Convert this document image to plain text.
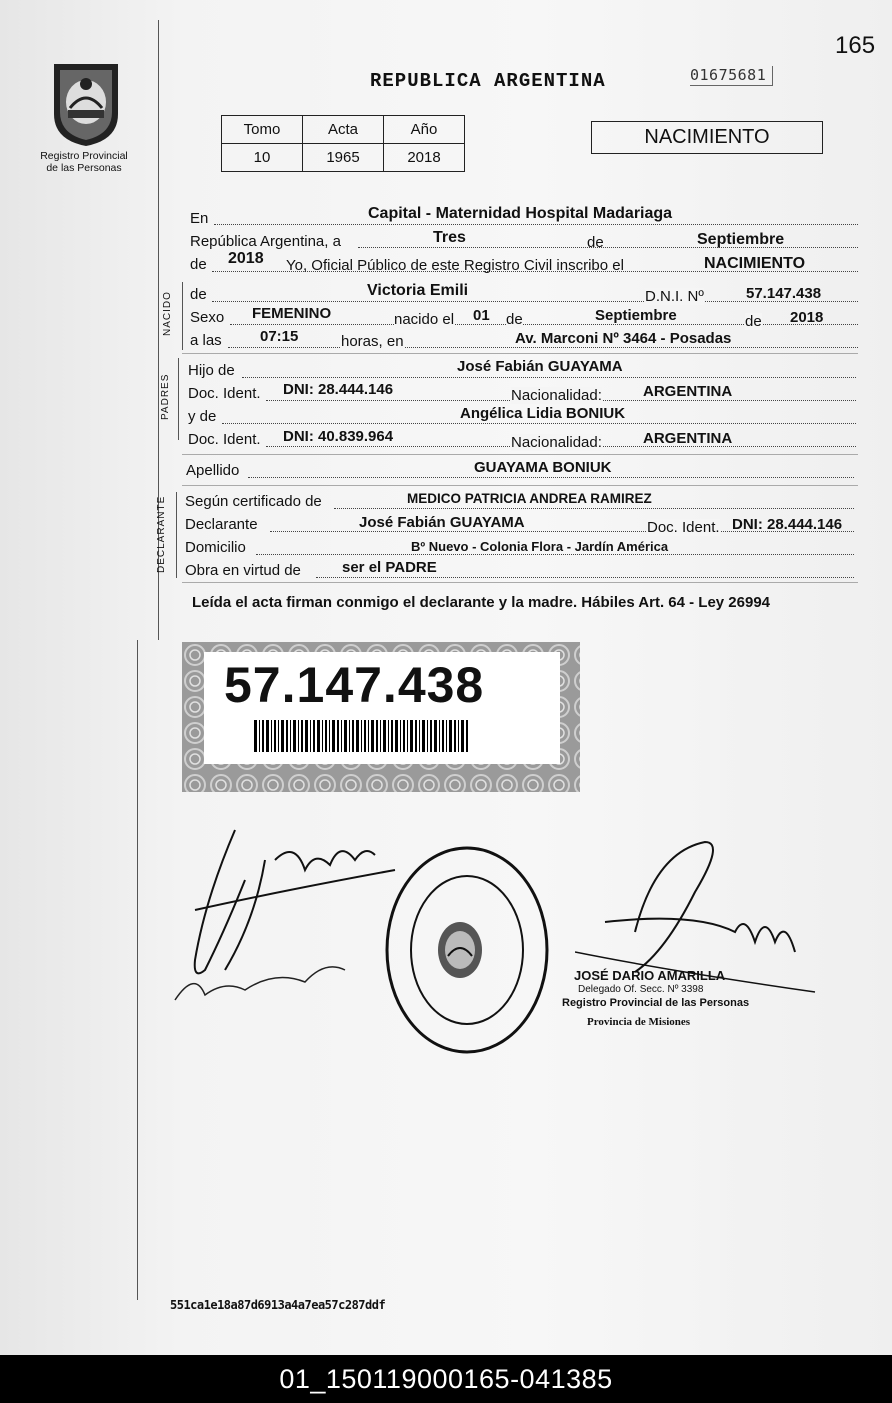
165
REPUBLICA ARGENTINA	01675681
Registro Provincial
de las Personas
Tomo	Acta	Año
10	1965	2018
NACIMIENTO
En	Capital - Maternidad Hospital Madariaga
República Argentina, a	Tres	de	Septiembre
de 2018 Yo, Oficial Público de este Registro Civil inscribo el	NACIMIENTO
NACIDO de	Victoria Emili	D.N.I. Nº	57.147.438
Sexo FEMENINO	nacido el 01 de	Septiembre	de 2018
a las	07:15	horas, en	Av. Marconi Nº 3464 - Posadas
PADRES
Hijo de	José Fabián GUAYAMA
Doc. Ident. DNI: 28.444.146	Nacionalidad:	ARGENTINA
y de	Angélica Lidia BONIUK
Doc. Ident. DNI: 40.839.964	Nacionalidad:	ARGENTINA
Apellido	GUAYAMA BONIUK
DECLARANTE Según certificado de	MEDICO PATRICIA ANDREA RAMIREZ
Declarante	José Fabián GUAYAMA	Doc. Ident. DNI: 28.444.146
Domicilio	Bº Nuevo - Colonia Flora - Jardín América
Obra en virtud de	ser el PADRE
Leída el acta firman conmigo el declarante y la madre. Hábiles Art. 64 - Ley 26994
57.147.438
JOSÉ DARIO AMARILLA
Delegado Of. Secc. Nº 3398
Registro Provincial de las Personas
Provincia de Misiones
551ca1e18a87d6913a4a7ea57c287ddf
01_150119000165-041385
